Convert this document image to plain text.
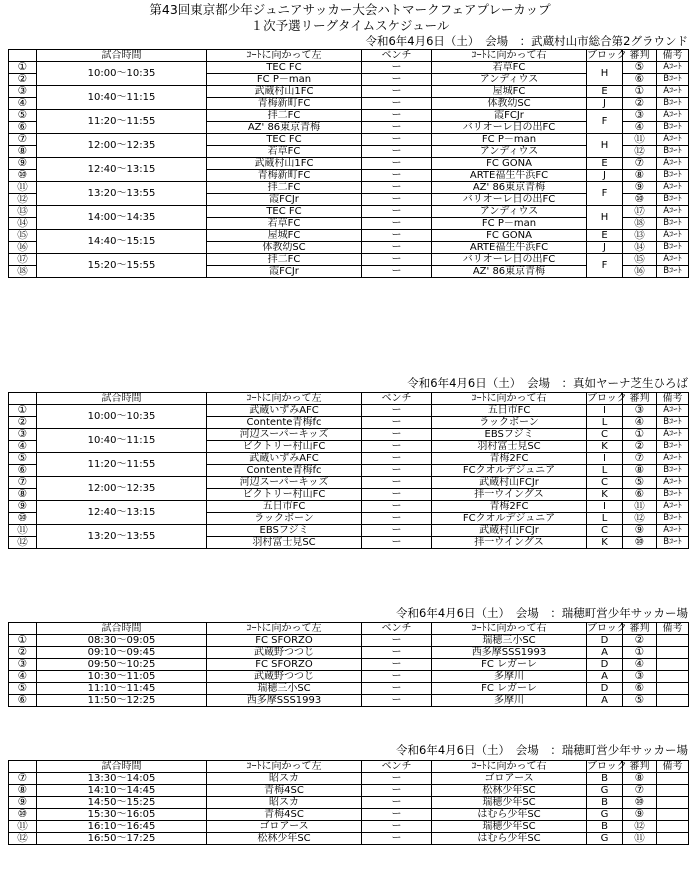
第43回東京都少年ジュニアサッカー大会ハトマークフェアプレーカップ
１次予選リーグタイムスケジュール
令和6年4月6日（土）　会場　：武蔵村山市総合第2グラウンド
	試合時間	ｺｰﾄに向かって左	ベンチ	ｺｰﾄに向かって右	ブロック	審判	備考
①	10:00〜10:35	TEC FC	ー	若草FC	H	⑤	Aｺｰﾄ
②		FC P－man	ー	アンディウス		⑥	Bｺｰﾄ
③	10:40〜11:15	武蔵村山1FC	ー	屋城FC	E	①	Aｺｰﾄ
④		青梅新町FC	ー	体教幼SC	J	②	Bｺｰﾄ
⑤	11:20〜11:55	拝二FC	ー	霞FCJr	F	③	Aｺｰﾄ
⑥		AZ' 86東京青梅	ー	バリオーレ日の出FC		④	Bｺｰﾄ
⑦	12:00〜12:35	TEC FC	ー	FC P－man	H	⑪	Aｺｰﾄ
⑧		若草FC	ー	アンディウス		⑫	Bｺｰﾄ
⑨	12:40〜13:15	武蔵村山1FC	ー	FC GONA	E	⑦	Aｺｰﾄ
⑩		青梅新町FC	ー	ARTE福生牛浜FC	J	⑧	Bｺｰﾄ
⑪	13:20〜13:55	拝二FC	ー	AZ' 86東京青梅	F	⑨	Aｺｰﾄ
⑫		霞FCJr	ー	バリオーレ日の出FC		⑩	Bｺｰﾄ
⑬	14:00〜14:35	TEC FC	ー	アンディウス	H	⑰	Aｺｰﾄ
⑭		若草FC	ー	FC P－man		⑱	Bｺｰﾄ
⑮	14:40〜15:15	屋城FC	ー	FC GONA	E	⑬	Aｺｰﾄ
⑯		体教幼SC	ー	ARTE福生牛浜FC	J	⑭	Bｺｰﾄ
⑰	15:20〜15:55	拝二FC	ー	バリオーレ日の出FC	F	⑮	Aｺｰﾄ
⑱		霞FCJr	ー	AZ' 86東京青梅		⑯	Bｺｰﾄ
令和6年4月6日（土）　会場　：真如ヤーナ芝生ひろば
	試合時間	ｺｰﾄに向かって左	ベンチ	ｺｰﾄに向かって右	ブロック	審判	備考
①	10:00〜10:35	武蔵いずみAFC	ー	五日市FC	I	③	Aｺｰﾄ
②		Contente青梅fc	ー	ラックボーン	L	④	Bｺｰﾄ
③	10:40〜11:15	河辺スーパーキッズ	ー	EBSフジミ	C	①	Aｺｰﾄ
④		ビクトリー村山FC	ー	羽村富士見SC	K	②	Bｺｰﾄ
⑤	11:20〜11:55	武蔵いずみAFC	ー	青梅2FC	I	⑦	Aｺｰﾄ
⑥		Contente青梅fc	ー	FCクオルデジュニア	L	⑧	Bｺｰﾄ
⑦	12:00〜12:35	河辺スーパーキッズ	ー	武蔵村山FCJr	C	⑤	Aｺｰﾄ
⑧		ビクトリー村山FC	ー	拝一ウイングス	K	⑥	Bｺｰﾄ
⑨	12:40〜13:15	五日市FC	ー	青梅2FC	I	⑪	Aｺｰﾄ
⑩		ラックボーン	ー	FCクオルデジュニア	L	⑫	Bｺｰﾄ
⑪	13:20〜13:55	EBSフジミ	ー	武蔵村山FCJr	C	⑨	Aｺｰﾄ
⑫		羽村富士見SC	ー	拝一ウイングス	K	⑩	Bｺｰﾄ
令和6年4月6日（土）　会場　：瑞穂町営少年サッカー場
	試合時間	ｺｰﾄに向かって左	ベンチ	ｺｰﾄに向かって右	ブロック	審判	備考
①	08:30〜09:05	FC SFORZO	ー	瑞穂三小SC	D	②	
②	09:10〜09:45	武蔵野つつじ	ー	西多摩SSS1993	A	①	
③	09:50〜10:25	FC SFORZO	ー	FC レガーレ	D	④	
④	10:30〜11:05	武蔵野つつじ	ー	多摩川	A	③	
⑤	11:10〜11:45	瑞穂三小SC	ー	FC レガーレ	D	⑥	
⑥	11:50〜12:25	西多摩SSS1993	ー	多摩川	A	⑤	
令和6年4月6日（土）　会場　：瑞穂町営少年サッカー場
	試合時間	ｺｰﾄに向かって左	ベンチ	ｺｰﾄに向かって右	ブロック	審判	備考
⑦	13:30〜14:05	昭スカ	ー	ゴロアース	B	⑧	
⑧	14:10〜14:45	青梅4SC	ー	松林少年SC	G	⑦	
⑨	14:50〜15:25	昭スカ	ー	瑞穂少年SC	B	⑩	
⑩	15:30〜16:05	青梅4SC	ー	はむら少年SC	G	⑨	
⑪	16:10〜16:45	ゴロアース	ー	瑞穂少年SC	B	⑫	
⑫	16:50〜17:25	松林少年SC	ー	はむら少年SC	G	⑪	
